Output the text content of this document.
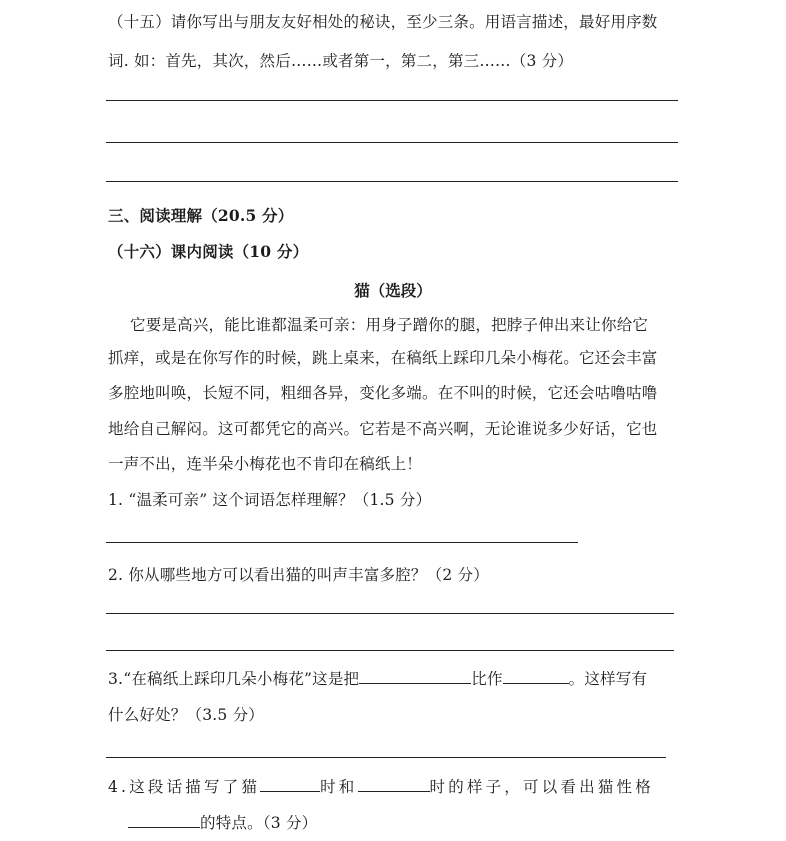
（十五）请你写出与朋友友好相处的秘诀，至少三条。用语言描述，最好用序数
词. 如：首先，其次，然后……或者第一，第二，第三……（3 分）
三、阅读理解（20.5 分）
（十六）课内阅读（10 分）
猫（选段）
它要是高兴，能比谁都温柔可亲：用身子蹭你的腿，把脖子伸出来让你给它
抓痒，或是在你写作的时候，跳上桌来，在稿纸上踩印几朵小梅花。它还会丰富
多腔地叫唤，长短不同，粗细各异，变化多端。在不叫的时候，它还会咕噜咕噜
地给自己解闷。这可都凭它的高兴。它若是不高兴啊，无论谁说多少好话，它也
一声不出，连半朵小梅花也不肯印在稿纸上！
1. “温柔可亲” 这个词语怎样理解？（1.5 分）
2. 你从哪些地方可以看出猫的叫声丰富多腔？（2 分）
3.“在稿纸上踩印几朵小梅花”这是把	比作	。这样写有
什么好处？（3.5 分）
4.这段话描写了猫	时和	时的样子，可以看出猫性格
的特点。（3 分）
